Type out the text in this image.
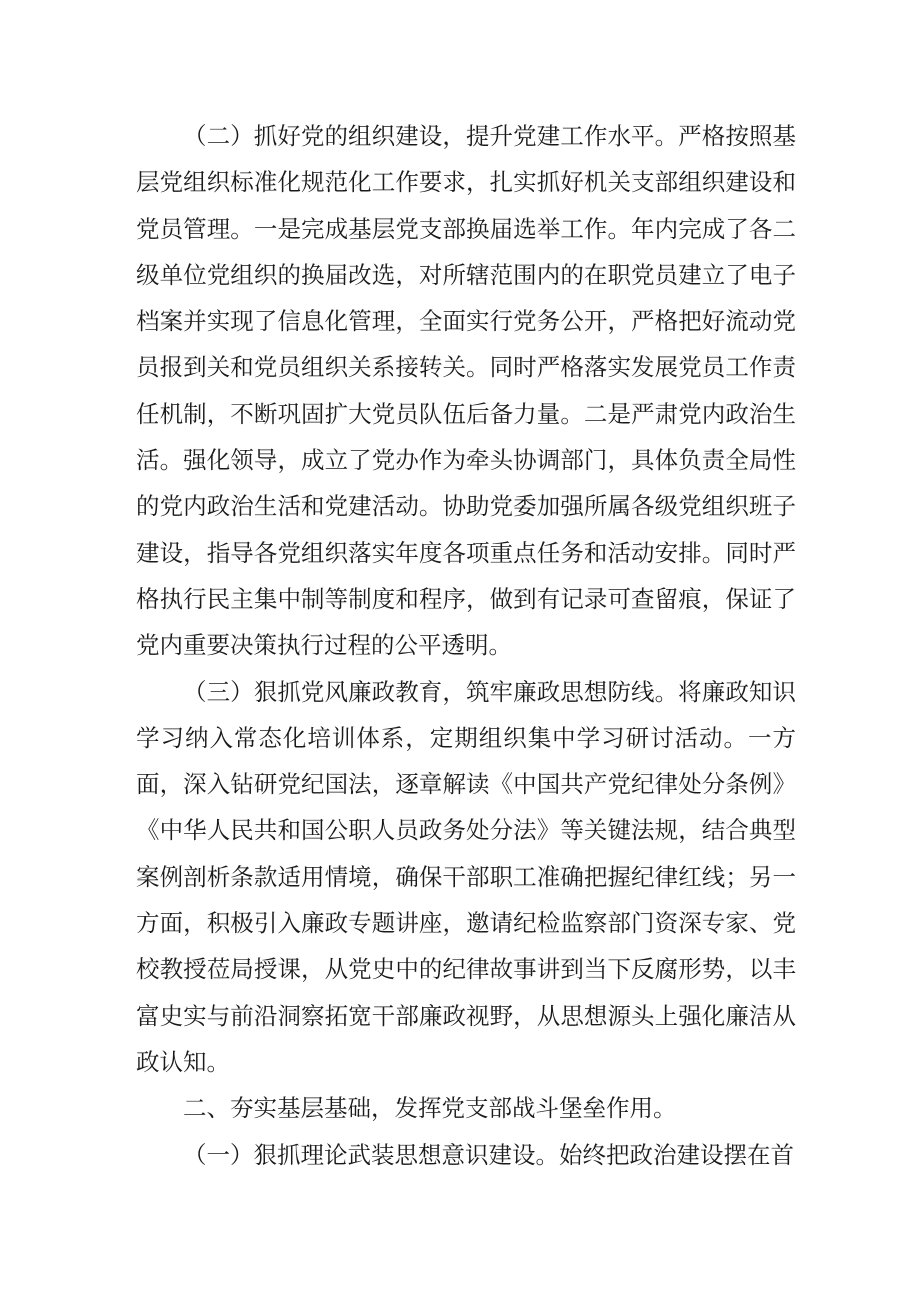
（二）抓好党的组织建设，提升党建工作水平。严格按照基层党组织标准化规范化工作要求，扎实抓好机关支部组织建设和党员管理。一是完成基层党支部换届选举工作。年内完成了各二级单位党组织的换届改选，对所辖范围内的在职党员建立了电子档案并实现了信息化管理，全面实行党务公开，严格把好流动党员报到关和党员组织关系接转关。同时严格落实发展党员工作责任机制，不断巩固扩大党员队伍后备力量。二是严肃党内政治生活。强化领导，成立了党办作为牵头协调部门，具体负责全局性的党内政治生活和党建活动。协助党委加强所属各级党组织班子建设，指导各党组织落实年度各项重点任务和活动安排。同时严格执行民主集中制等制度和程序，做到有记录可查留痕，保证了党内重要决策执行过程的公平透明。

（三）狠抓党风廉政教育，筑牢廉政思想防线。将廉政知识学习纳入常态化培训体系，定期组织集中学习研讨活动。一方面，深入钻研党纪国法，逐章解读《中国共产党纪律处分条例》《中华人民共和国公职人员政务处分法》等关键法规，结合典型案例剖析条款适用情境，确保干部职工准确把握纪律红线；另一方面，积极引入廉政专题讲座，邀请纪检监察部门资深专家、党校教授莅局授课，从党史中的纪律故事讲到当下反腐形势，以丰富史实与前沿洞察拓宽干部廉政视野，从思想源头上强化廉洁从政认知。

二、夯实基层基础，发挥党支部战斗堡垒作用。

（一）狠抓理论武装思想意识建设。始终把政治建设摆在首
